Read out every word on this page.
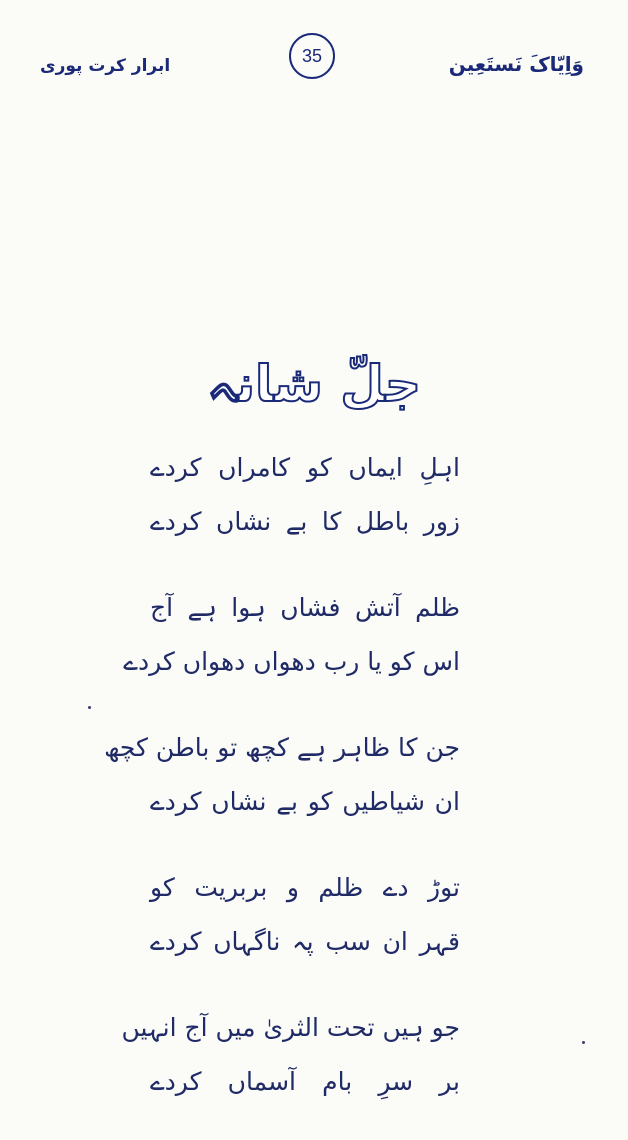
ابرار کرت پوری
35	وَاِیّاکَ نَستَعِین
جلّ شانہ
اہلِ ایماں کو کامراں کردے
زور باطل کا بے نشاں کردے
ظلم آتش فشاں ہوا ہے آج
اس کو یا رب دھواں دھواں کردے
جن کا ظاہر ہے کچھ تو باطن کچھ
ان شیاطیں کو بے نشاں کردے
توڑ دے ظلم و بربریت کو
قہر ان سب پہ ناگہاں کردے
جو ہیں تحت الثریٰ میں آج انہیں
بر سرِ بام آسماں کردے
